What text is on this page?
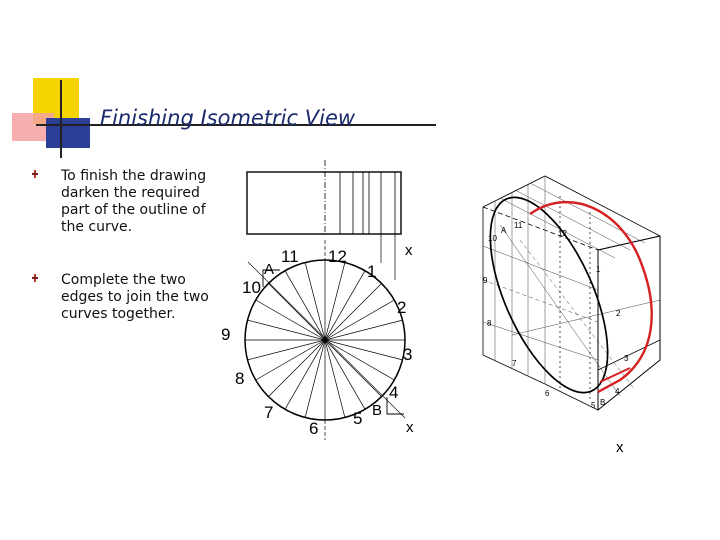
Finishing Isometric View
To finish the drawing darken the required part of the outline of the curve.
Complete the two edges to join the two curves together.
11 12
1
A
10
2
9
3
8
4
7	5 B
6
x
x
11
12
A
10
1
9
2
8
3
7
6	4
5 B
x
